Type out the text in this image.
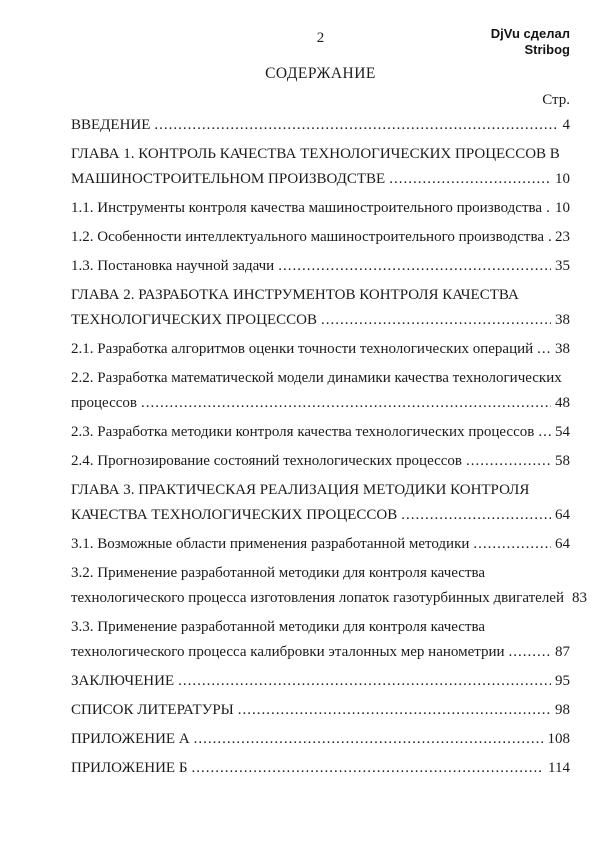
DjVu сделал
Stribog
2
СОДЕРЖАНИЕ
Стр.
ВВЕДЕНИЕ .....	4
ГЛАВА 1. КОНТРОЛЬ КАЧЕСТВА ТЕХНОЛОГИЧЕСКИХ ПРОЦЕССОВ В
МАШИНОСТРОИТЕЛЬНОМ ПРОИЗВОДСТВЕ .....	10
1.1. Инструменты контроля качества машиностроительного производства ..... 10
1.2. Особенности интеллектуального машиностроительного производства ..... 23
1.3. Постановка научной задачи .....	35
ГЛАВА 2. РАЗРАБОТКА ИНСТРУМЕНТОВ КОНТРОЛЯ КАЧЕСТВА
ТЕХНОЛОГИЧЕСКИХ ПРОЦЕССОВ .....	38
2.1. Разработка алгоритмов оценки точности технологических операций ..... 38
2.2. Разработка математической модели динамики качества технологических
процессов .....	48
2.3. Разработка методики контроля качества технологических процессов ..... 54
2.4. Прогнозирование состояний технологических процессов .....	58
ГЛАВА 3. ПРАКТИЧЕСКАЯ РЕАЛИЗАЦИЯ МЕТОДИКИ КОНТРОЛЯ
КАЧЕСТВА ТЕХНОЛОГИЧЕСКИХ ПРОЦЕССОВ .....	64
3.1. Возможные области применения разработанной методики .....	64
3.2. Применение разработанной методики для контроля качества
технологического процесса изготовления лопаток газотурбинных двигателей 83
3.3. Применение разработанной методики для контроля качества
технологического процесса калибровки эталонных мер нанометрии .....	87
ЗАКЛЮЧЕНИЕ .....	95
СПИСОК ЛИТЕРАТУРЫ .....	98
ПРИЛОЖЕНИЕ А .....	108
ПРИЛОЖЕНИЕ Б .....	114
